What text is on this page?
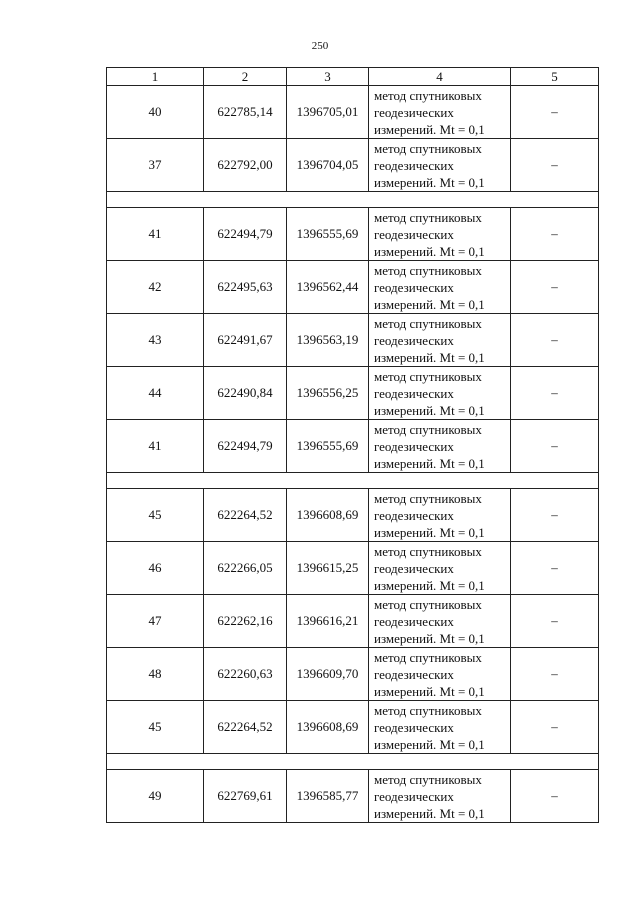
250
1	2	3	4	5
40	622785,14	1396705,01	метод спутниковых
геодезических
измерений. Mt = 0,1	–
37	622792,00	1396704,05	метод спутниковых
геодезических
измерений. Mt = 0,1	–

41	622494,79	1396555,69	метод спутниковых
геодезических
измерений. Mt = 0,1	–
42	622495,63	1396562,44	метод спутниковых
геодезических
измерений. Mt = 0,1	–
43	622491,67	1396563,19	метод спутниковых
геодезических
измерений. Mt = 0,1	–
44	622490,84	1396556,25	метод спутниковых
геодезических
измерений. Mt = 0,1	–
41	622494,79	1396555,69	метод спутниковых
геодезических
измерений. Mt = 0,1	–

45	622264,52	1396608,69	метод спутниковых
геодезических
измерений. Mt = 0,1	–
46	622266,05	1396615,25	метод спутниковых
геодезических
измерений. Mt = 0,1	–
47	622262,16	1396616,21	метод спутниковых
геодезических
измерений. Mt = 0,1	–
48	622260,63	1396609,70	метод спутниковых
геодезических
измерений. Mt = 0,1	–
45	622264,52	1396608,69	метод спутниковых
геодезических
измерений. Mt = 0,1	–

49	622769,61	1396585,77	метод спутниковых
геодезических
измерений. Mt = 0,1	–
